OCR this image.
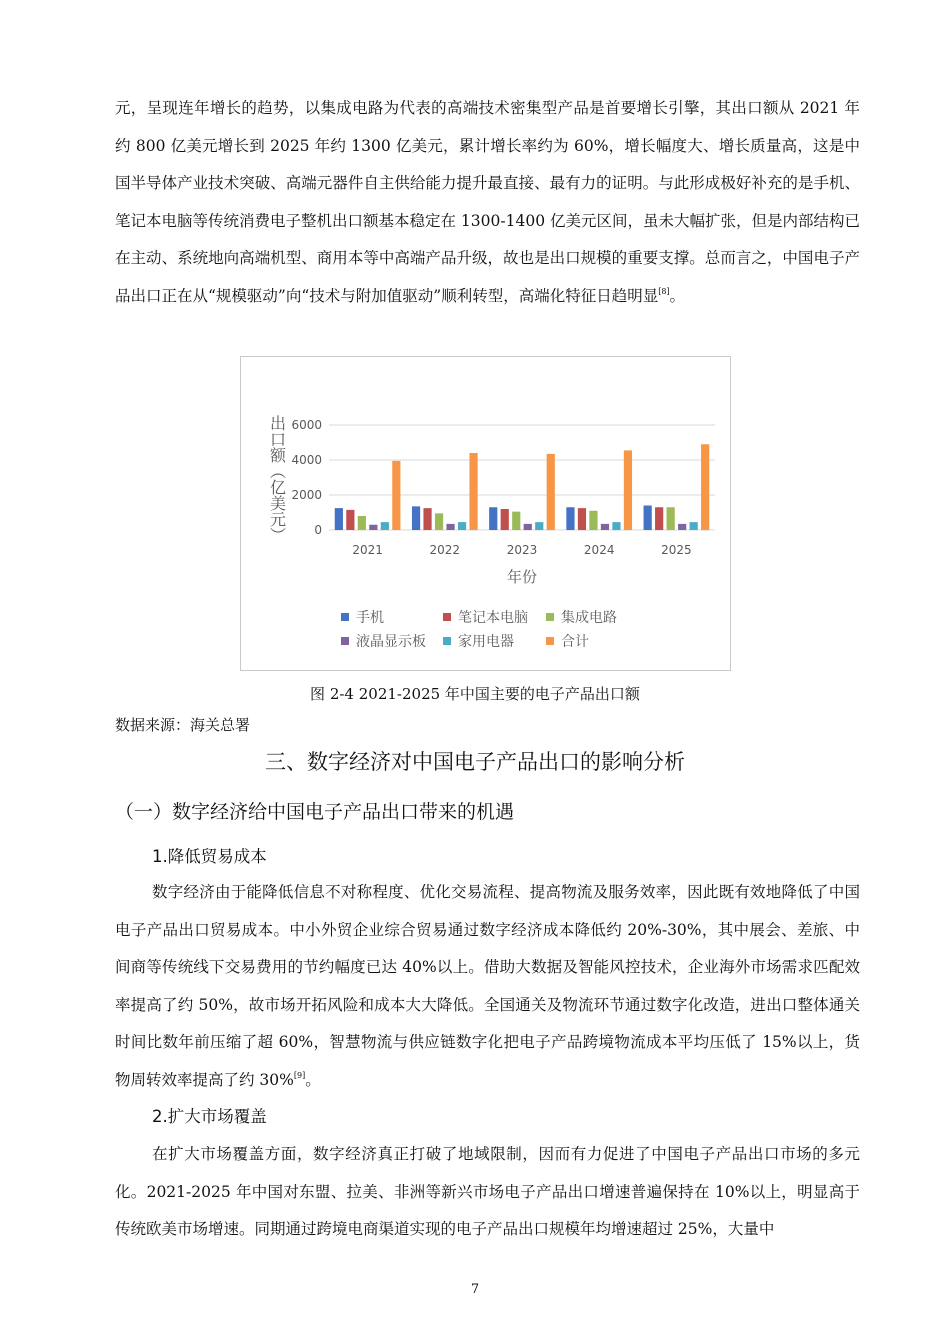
元，呈现连年增长的趋势，以集成电路为代表的高端技术密集型产品是首要增长引擎，其出口额从 2021 年约 800 亿美元增长到 2025 年约 1300 亿美元，累计增长率约为 60%，增长幅度大、增长质量高，这是中国半导体产业技术突破、高端元器件自主供给能力提升最直接、最有力的证明。与此形成极好补充的是手机、笔记本电脑等传统消费电子整机出口额基本稳定在 1300-1400 亿美元区间，虽未大幅扩张，但是内部结构已在主动、系统地向高端机型、商用本等中高端产品升级，故也是出口规模的重要支撑。总而言之，中国电子产品出口正在从“规模驱动”向“技术与附加值驱动”顺利转型，高端化特征日趋明显[8]。

0
2000
4000
6000
2021	2022	2023	2024	2025
出口额（亿美元）
年份
手机	笔记本电脑 集成电路
液晶显示板 家用电器	合计
图 2-4 2021-2025 年中国主要的电子产品出口额
数据来源：海关总署
三、数字经济对中国电子产品出口的影响分析
（一）数字经济给中国电子产品出口带来的机遇
1.降低贸易成本

数字经济由于能降低信息不对称程度、优化交易流程、提高物流及服务效率，因此既有效地降低了中国电子产品出口贸易成本。中小外贸企业综合贸易通过数字经济成本降低约 20%-30%，其中展会、差旅、中间商等传统线下交易费用的节约幅度已达 40%以上。借助大数据及智能风控技术，企业海外市场需求匹配效率提高了约 50%，故市场开拓风险和成本大大降低。全国通关及物流环节通过数字化改造，进出口整体通关时间比数年前压缩了超 60%，智慧物流与供应链数字化把电子产品跨境物流成本平均压低了 15%以上，货物周转效率提高了约 30%[9]。

2.扩大市场覆盖

在扩大市场覆盖方面，数字经济真正打破了地域限制，因而有力促进了中国电子产品出口市场的多元化。2021-2025 年中国对东盟、拉美、非洲等新兴市场电子产品出口增速普遍保持在 10%以上，明显高于传统欧美市场增速。同期通过跨境电商渠道实现的电子产品出口规模年均增速超过 25%，大量中

7
